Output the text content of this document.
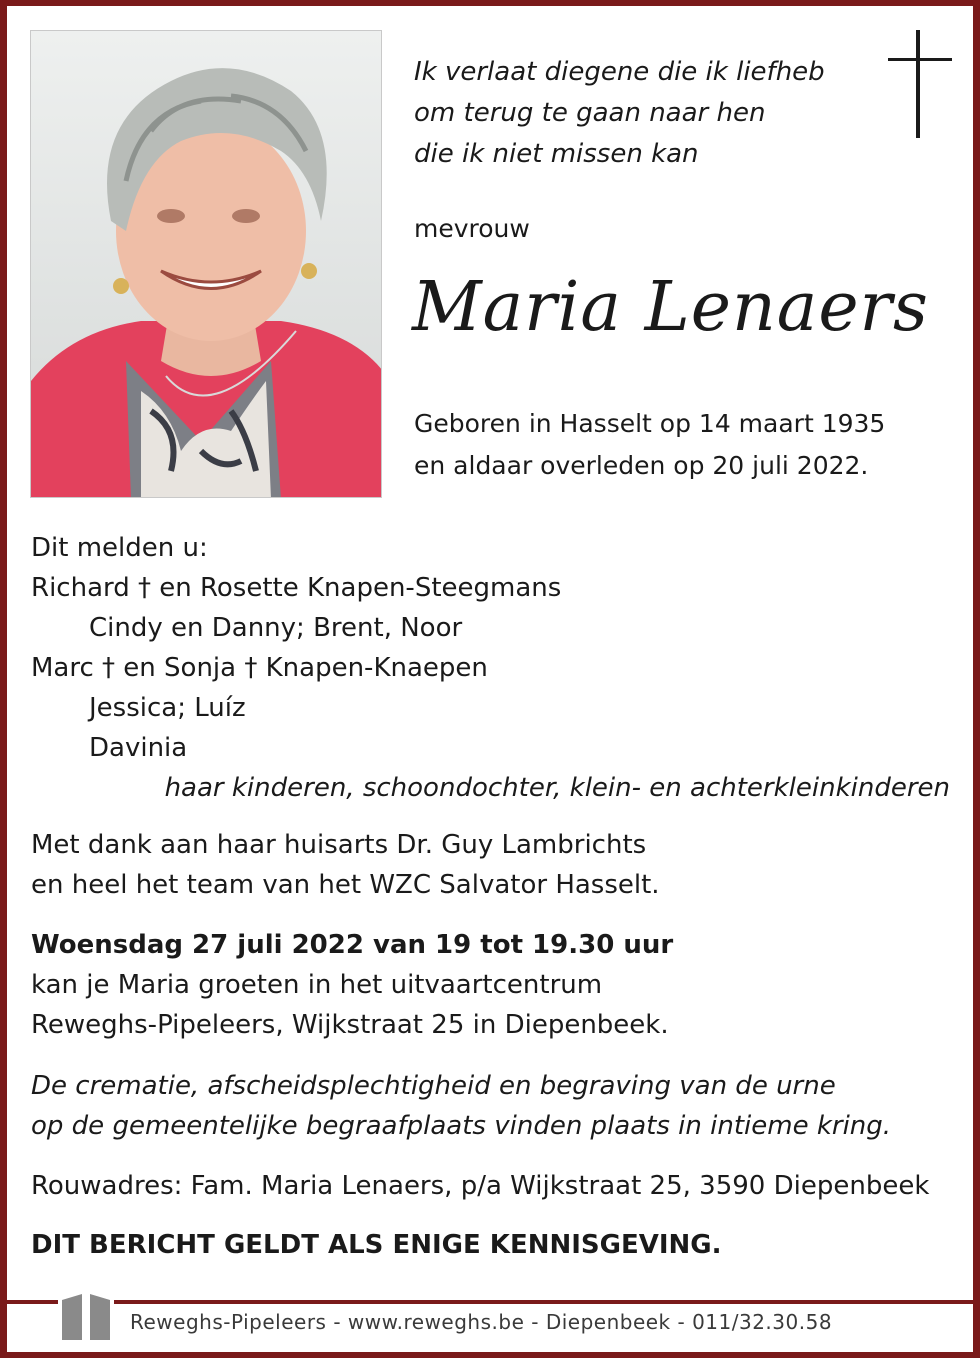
Ik verlaat diegene die ik liefheb
om terug te gaan naar hen
die ik niet missen kan
mevrouw
Maria Lenaers
Geboren in Hasselt op 14 maart 1935
en aldaar overleden op 20 juli 2022.
Dit melden u:
Richard † en Rosette Knapen-Steegmans
Cindy en Danny; Brent, Noor
Marc † en Sonja † Knapen-Knaepen
Jessica; Luíz
Davinia
haar kinderen, schoondochter, klein- en achterkleinkinderen
Met dank aan haar huisarts Dr. Guy Lambrichts
en heel het team van het WZC Salvator Hasselt.
Woensdag 27 juli 2022 van 19 tot 19.30 uur
kan je Maria groeten in het uitvaartcentrum
Reweghs-Pipeleers, Wijkstraat 25 in Diepenbeek.
De crematie, afscheidsplechtigheid en begraving van de urne
op de gemeentelijke begraafplaats vinden plaats in intieme kring.
Rouwadres: Fam. Maria Lenaers, p/a Wijkstraat 25, 3590 Diepenbeek
DIT BERICHT GELDT ALS ENIGE KENNISGEVING.
Reweghs-Pipeleers - www.reweghs.be - Diepenbeek - 011/32.30.58
